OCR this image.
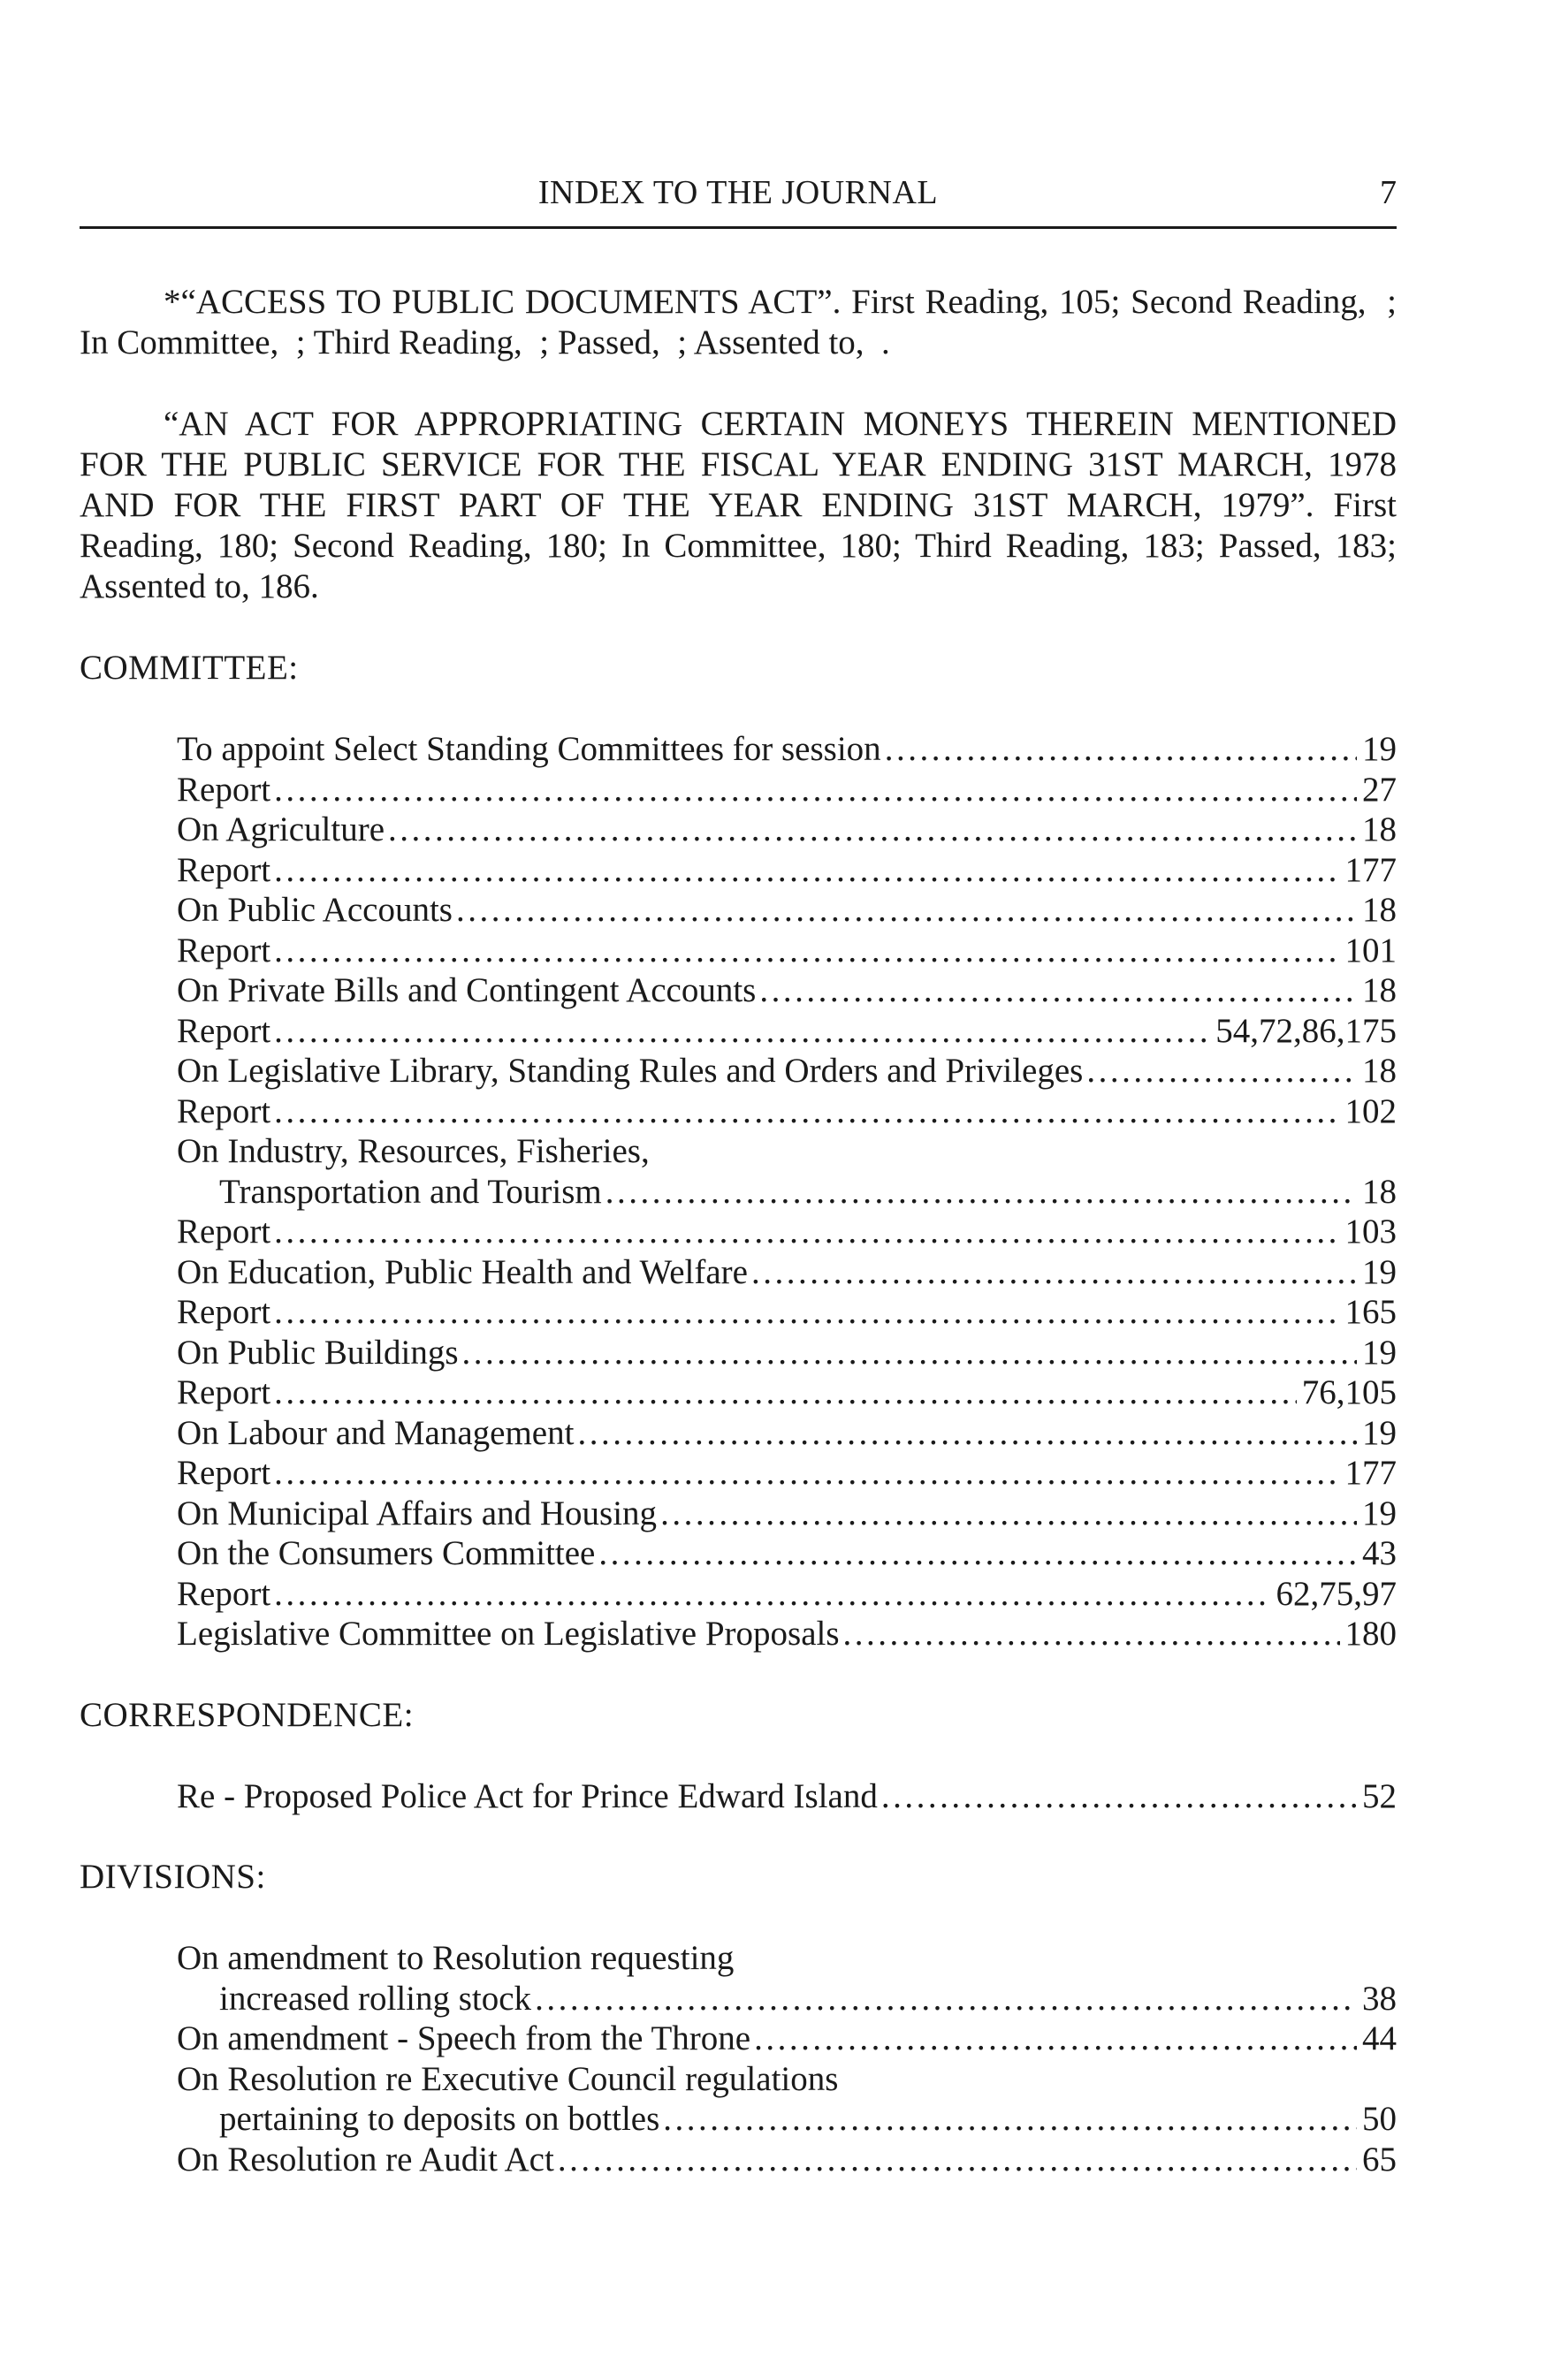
INDEX TO THE JOURNAL	7

*“ACCESS TO PUBLIC DOCUMENTS ACT”. First Reading, 105; Second Reading,  ; In Committee,  ; Third Reading,  ; Passed,  ; Assented to,  .

“AN ACT FOR APPROPRIATING CERTAIN MONEYS THEREIN MENTIONED FOR THE PUBLIC SERVICE FOR THE FISCAL YEAR ENDING 31ST MARCH, 1978 AND FOR THE FIRST PART OF THE YEAR ENDING 31ST MARCH, 1979”. First Reading, 180; Second Reading, 180; In Committee, 180; Third Reading, 183; Passed, 183; Assented to, 186.

COMMITTEE:
To appoint Select Standing Committees for session .....	19
Report .....	27
On Agriculture .....	18
Report .....	177
On Public Accounts .....	18
Report .....	101
On Private Bills and Contingent Accounts .....	18
Report .....	54,72,86,175
On Legislative Library, Standing Rules and Orders and Privileges .....	18
Report .....	102
On Industry, Resources, Fisheries,
Transportation and Tourism .....	18
Report .....	103
On Education, Public Health and Welfare .....	19
Report .....	165
On Public Buildings .....	19
Report .....	76,105
On Labour and Management .....	19
Report .....	177
On Municipal Affairs and Housing .....	19
On the Consumers Committee .....	43
Report .....	62,75,97
Legislative Committee on Legislative Proposals .....	180
CORRESPONDENCE:
Re - Proposed Police Act for Prince Edward Island .....	52
DIVISIONS:
On amendment to Resolution requesting
increased rolling stock .....	38
On amendment - Speech from the Throne .....	44
On Resolution re Executive Council regulations
pertaining to deposits on bottles .....	50
On Resolution re Audit Act .....	65
